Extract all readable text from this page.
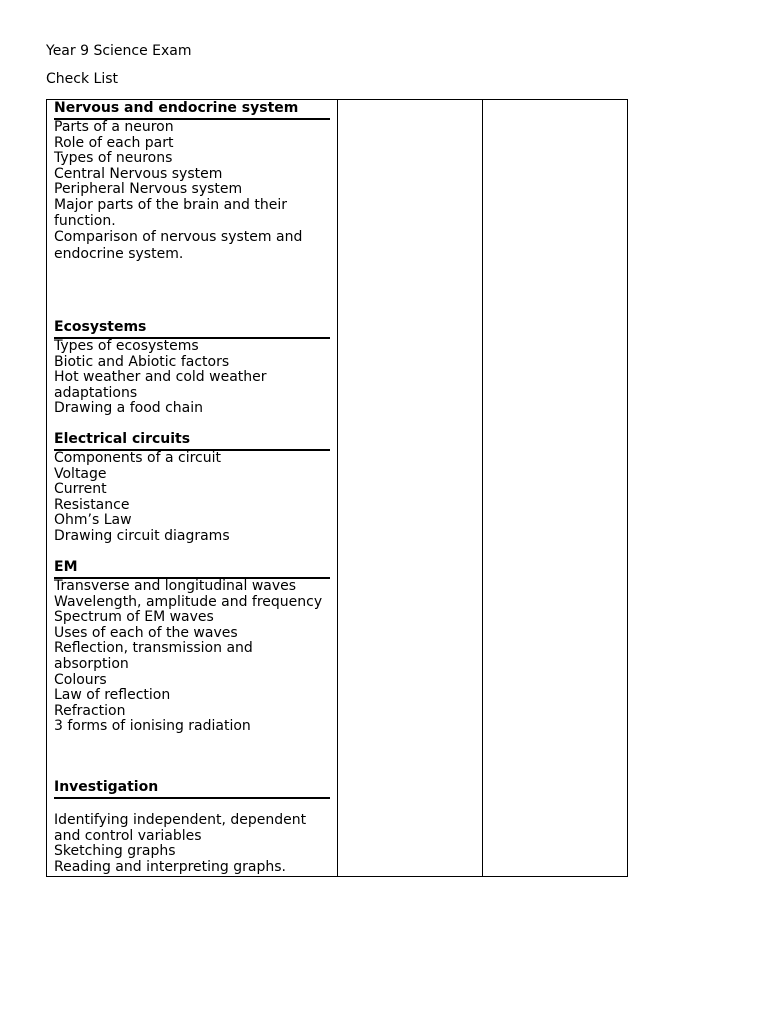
Year 9 Science Exam

Check List

Nervous and endocrine system

Parts of a neuron
Role of each part
Types of neurons
Central Nervous system
Peripheral Nervous system
Major parts of the brain and their function.
Comparison of nervous system and endocrine system.

Ecosystems

Types of ecosystems
Biotic and Abiotic factors
Hot weather and cold weather adaptations
Drawing a food chain

Electrical circuits

Components of a circuit
Voltage
Current
Resistance
Ohm’s Law
Drawing circuit diagrams

EM

Transverse and longitudinal waves
Wavelength, amplitude and frequency
Spectrum of EM waves
Uses of each of the waves
Reflection, transmission and absorption
Colours
Law of reflection
Refraction
3 forms of ionising radiation

Investigation

Identifying independent, dependent and control variables
Sketching graphs
Reading and interpreting graphs.
